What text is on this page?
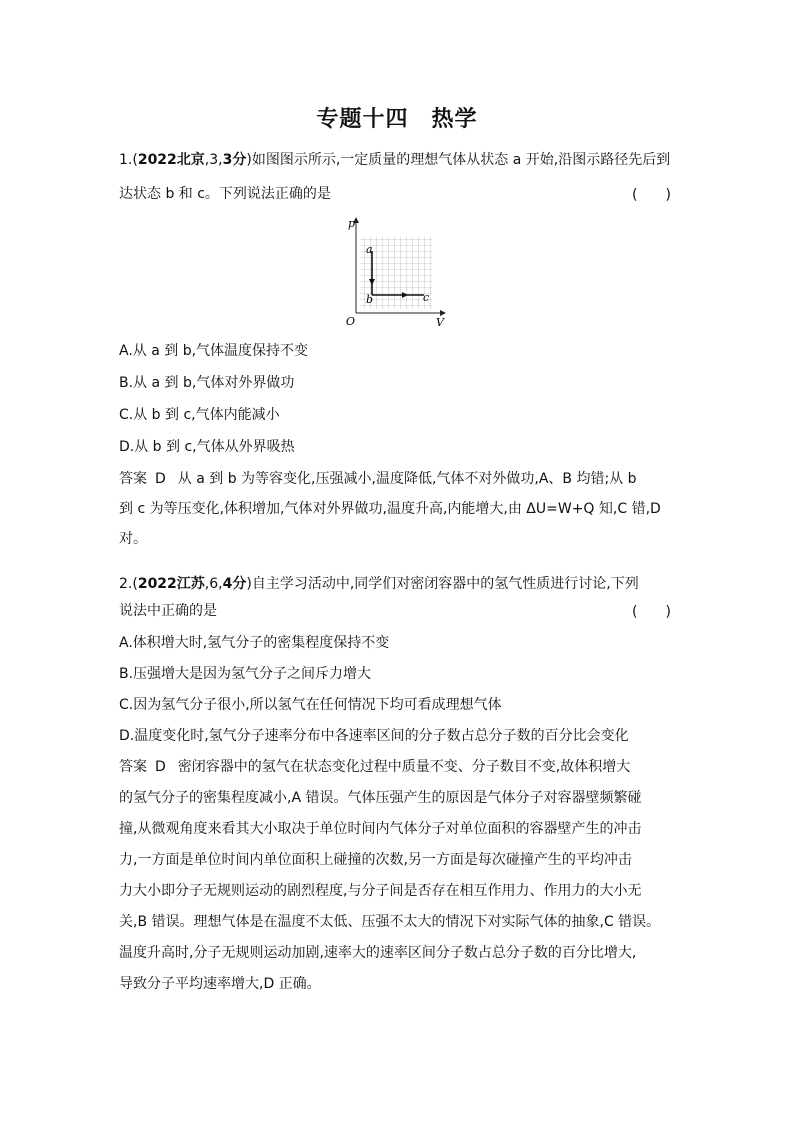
专题十四　热学
1.(2022北京,3,3分)如图图示所示,一定质量的理想气体从状态 a 开始,沿图示路径先后到
达状态 b 和 c。下列说法正确的是	(　　)
p
V
O
a
b	c
A.从 a 到 b,气体温度保持不变
B.从 a 到 b,气体对外界做功
C.从 b 到 c,气体内能减小
D.从 b 到 c,气体从外界吸热
答案 D 从 a 到 b 为等容变化,压强减小,温度降低,气体不对外做功,A、B 均错;从 b
到 c 为等压变化,体积增加,气体对外界做功,温度升高,内能增大,由 ΔU=W+Q 知,C 错,D
对。
2.(2022江苏,6,4分)自主学习活动中,同学们对密闭容器中的氢气性质进行讨论,下列
说法中正确的是	(　　)
A.体积增大时,氢气分子的密集程度保持不变
B.压强增大是因为氢气分子之间斥力增大
C.因为氢气分子很小,所以氢气在任何情况下均可看成理想气体
D.温度变化时,氢气分子速率分布中各速率区间的分子数占总分子数的百分比会变化
答案 D 密闭容器中的氢气在状态变化过程中质量不变、分子数目不变,故体积增大
的氢气分子的密集程度减小,A 错误。气体压强产生的原因是气体分子对容器壁频繁碰
撞,从微观角度来看其大小取决于单位时间内气体分子对单位面积的容器壁产生的冲击
力,一方面是单位时间内单位面积上碰撞的次数,另一方面是每次碰撞产生的平均冲击
力大小即分子无规则运动的剧烈程度,与分子间是否存在相互作用力、作用力的大小无
关,B 错误。理想气体是在温度不太低、压强不太大的情况下对实际气体的抽象,C 错误。
温度升高时,分子无规则运动加剧,速率大的速率区间分子数占总分子数的百分比增大,
导致分子平均速率增大,D 正确。
